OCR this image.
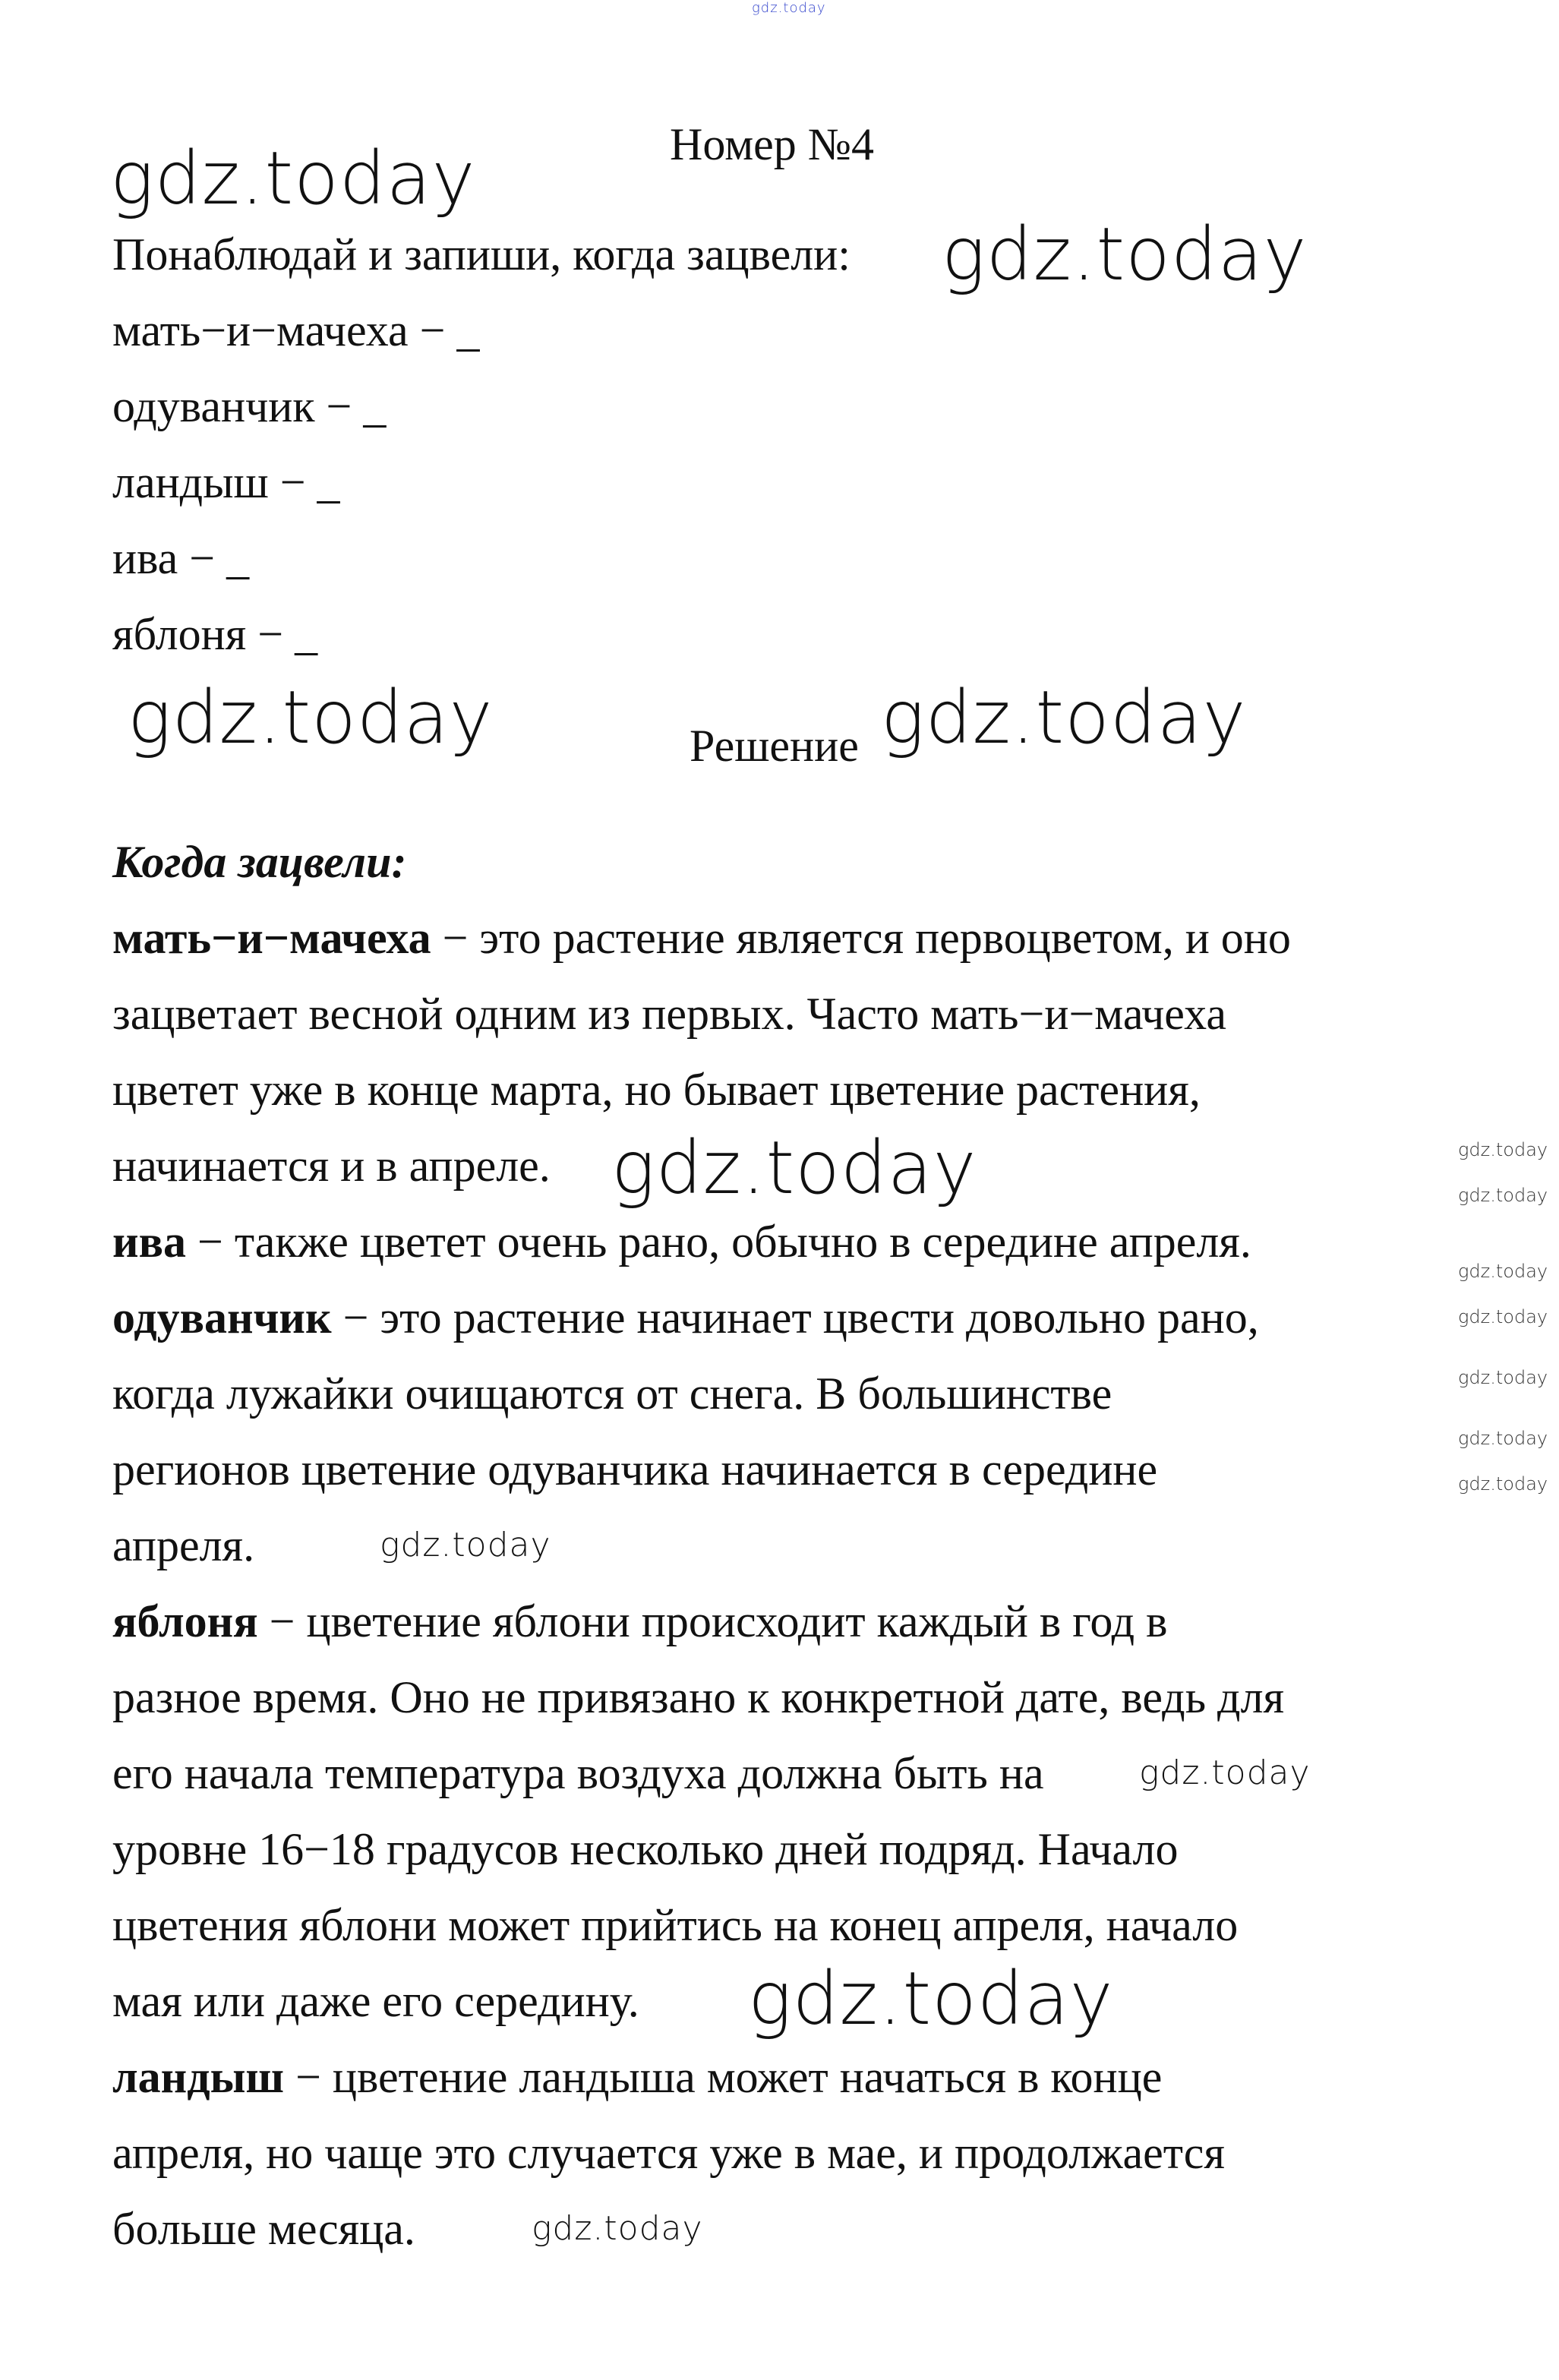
gdz.today
Номер №4
gdz.today
Понаблюдай и запиши, когда зацвели: gdz.today
мать−и−мачеха − _
одуванчик − _
ландыш − _
ива − _
яблоня − _
gdz.today	Решение gdz.today
Когда зацвели:
мать−и−мачеха − это растение является первоцветом, и оно
зацветает весной одним из первых. Часто мать−и−мачеха
цветет уже в конце марта, но бывает цветение растения,
начинается и в апреле.
ива − также цветет очень рано, обычно в середине апреля.
одуванчик − это растение начинает цвести довольно рано,
когда лужайки очищаются от снега. В большинстве
регионов цветение одуванчика начинается в середине
апреля.
яблоня − цветение яблони происходит каждый в год в
разное время. Оно не привязано к конкретной дате, ведь для
его начала температура воздуха должна быть на
уровне 16−18 градусов несколько дней подряд. Начало
цветения яблони может прийтись на конец апреля, начало
мая или даже его середину.
ландыш − цветение ландыша может начаться в конце
апреля, но чаще это случается уже в мае, и продолжается
больше месяца.
gdz.today
gdz.today
gdz.today
gdz.today
gdz.today
gdz.today
gdz.today
gdz.today
gdz.today
gdz.today
gdz.today
gdz.today
